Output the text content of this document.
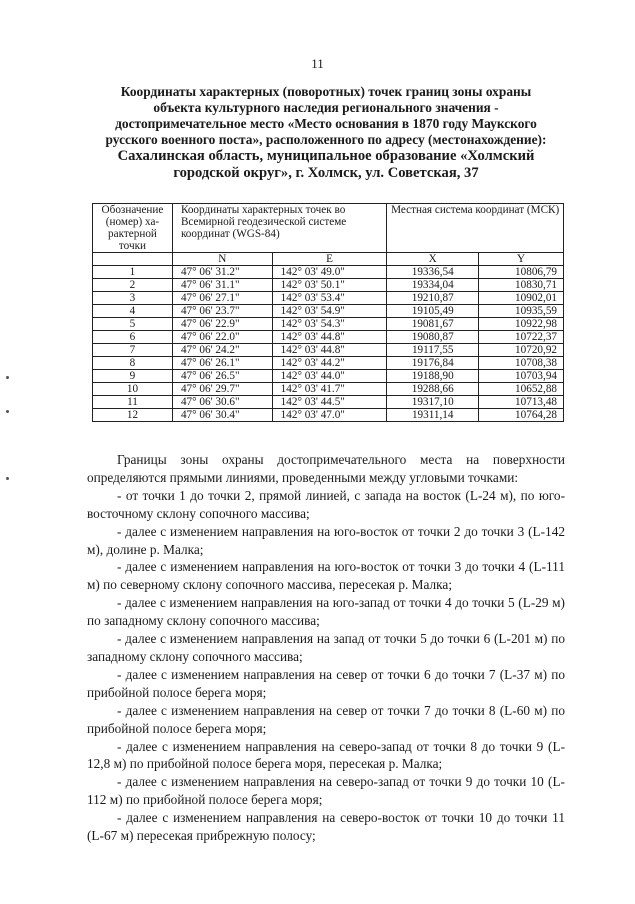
11
Координаты характерных (поворотных) точек границ зоны охраны
объекта культурного наследия регионального значения -
достопримечательное место «Место основания в 1870 году Маукского
русского военного поста», расположенного по адресу (местонахождение):
Сахалинская область, муниципальное образование «Холмский
городской округ», г. Холмск, ул. Советская, 37
Обозначение (номер) ха-рактерной точки	Координаты характерных точек во Всемирной геодезической системе координат (WGS-84)		Местная система координат (МСК)	
	N	E	X	Y
1	47° 06' 31.2"	142° 03' 49.0"	19336,54	10806,79
2	47° 06' 31.1"	142° 03' 50.1"	19334,04	10830,71
3	47° 06' 27.1"	142° 03' 53.4"	19210,87	10902,01
4	47° 06' 23.7"	142° 03' 54.9"	19105,49	10935,59
5	47° 06' 22.9"	142° 03' 54.3"	19081,67	10922,98
6	47° 06' 22.0"	142° 03' 44.8"	19080,87	10722,37
7	47° 06' 24.2"	142° 03' 44.8"	19117,55	10720,92
8	47° 06' 26.1"	142° 03' 44.2"	19176,84	10708,38
9	47° 06' 26.5"	142° 03' 44.0"	19188,90	10703,94
10	47° 06' 29.7"	142° 03' 41.7"	19288,66	10652,88
11	47° 06' 30.6"	142° 03' 44.5"	19317,10	10713,48
12	47° 06' 30.4"	142° 03' 47.0"	19311,14	10764,28

Границы зоны охраны достопримечательного места на поверхности определяются прямыми линиями, проведенными между угловыми точками:

- от точки 1 до точки 2, прямой линией, с запада на восток (L-24 м), по юго-восточному склону сопочного массива;

- далее с изменением направления на юго-восток от точки 2 до точки 3 (L-142 м), долине р. Малка;

- далее с изменением направления на юго-восток от точки 3 до точки 4 (L-111 м) по северному склону сопочного массива, пересекая р. Малка;

- далее с изменением направления на юго-запад от точки 4 до точки 5 (L-29 м) по западному склону сопочного массива;

- далее с изменением направления на запад от точки 5 до точки 6 (L-201 м) по западному склону сопочного массива;

- далее с изменением направления на север от точки 6 до точки 7 (L-37 м) по прибойной полосе берега моря;

- далее с изменением направления на север от точки 7 до точки 8 (L-60 м) по прибойной полосе берега моря;

- далее с изменением направления на северо-запад от точки 8 до точки 9 (L-12,8 м) по прибойной полосе берега моря, пересекая р. Малка;

- далее с изменением направления на северо-запад от точки 9 до точки 10 (L-112 м) по прибойной полосе берега моря;

- далее с изменением направления на северо-восток от точки 10 до точки 11 (L-67 м) пересекая прибрежную полосу;
